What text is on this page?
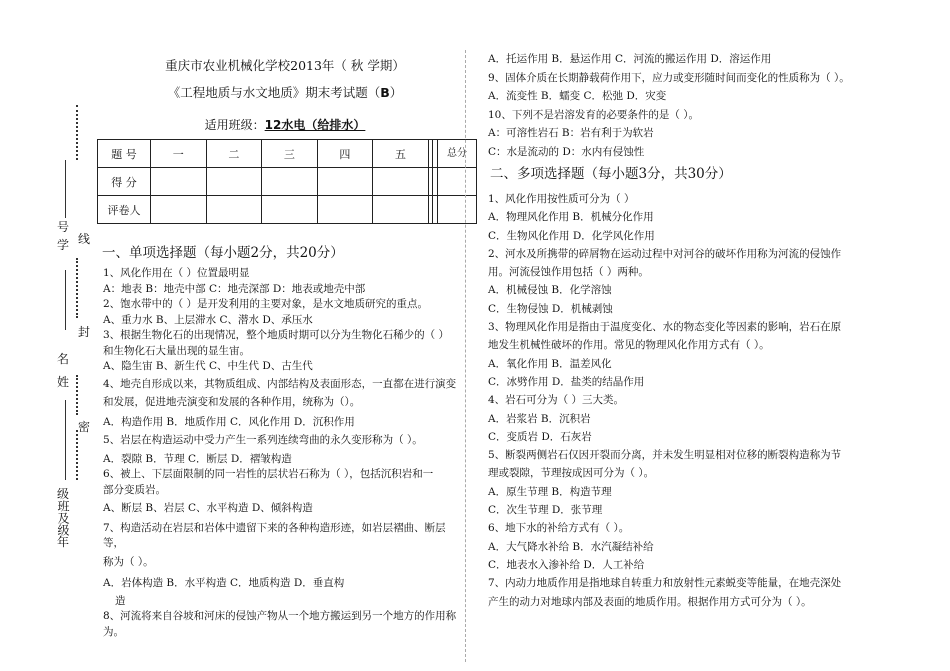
号
学 线
封
名
姓
密
级
班及级
年
重庆市农业机械化学校2013年（ 秋 学期）
《工程地质与水文地质》期末考试题（B）
适用班级：12水电（给排水）
题 号	一	二	三	四	五			总分
得 分								
评卷人								
一、单项选择题（每小题2分，共20分）
1、风化作用在（ ）位置最明显
A：地表 B：地壳中部 C：地壳深部 D：地表或地壳中部
2、饱水带中的（ ）是开发利用的主要对象，是水文地质研究的重点。
A、重力水 B、上层滞水 C、潜水 D、承压水
3、根据生物化石的出现情况，整个地质时期可以分为生物化石稀少的（ ）
和生物化石大量出现的显生宙。
A、隐生宙 B、新生代 C、中生代 D、古生代
4、地壳自形成以来，其物质组成、内部结构及表面形态，一直都在进行演变
和发展，促进地壳演变和发展的各种作用，统称为（）。
A．构造作用 B．地质作用 C．风化作用 D．沉积作用
5、岩层在构造运动中受力产生一系列连续弯曲的永久变形称为（ ）。
A．裂隙 B．节理 C．断层 D．褶皱构造
6、被上、下层面限制的同一岩性的层状岩石称为（ ），包括沉积岩和一
部分变质岩。
A、断层 B、岩层 C、水平构造 D、倾斜构造
7、构造活动在岩层和岩体中遗留下来的各种构造形迹，如岩层褶曲、断层等，
称为（ ）。
A．岩体构造 B．水平构造 C．地质构造 D．垂直构
造
8、河流将来自谷坡和河床的侵蚀产物从一个地方搬运到另一个地方的作用称
为。
A．托运作用 B．悬运作用 C．河流的搬运作用 D．溶运作用
9、固体介质在长期静载荷作用下，应力或变形随时间而变化的性质称为（ ）。
A．流变性 B．蠕变 C．松弛 D．灾变
10、下列不是岩溶发育的必要条件的是（ ）。
A：可溶性岩石 B：岩有利于为软岩
C：水是流动的 D：水内有侵蚀性
二、多项选择题（每小题3分，共30分）
1、风化作用按性质可分为（ ）
A．物理风化作用 B．机械分化作用
C．生物风化作用 D．化学风化作用
2、河水及所携带的碎屑物在运动过程中对河谷的破坏作用称为河流的侵蚀作
用。河流侵蚀作用包括（ ）两种。
A．机械侵蚀 B．化学溶蚀
C．生物侵蚀 D．机械剥蚀
3、物理风化作用是指由于温度变化、水的物态变化等因素的影响，岩石在原
地发生机械性破坏的作用。常见的物理风化作用方式有（ ）。
A．氧化作用 B．温差风化
C．冰劈作用 D．盐类的结晶作用
4、岩石可分为（ ）三大类。
A．岩浆岩 B．沉积岩
C．变质岩 D．石灰岩
5、断裂两侧岩石仅因开裂而分离，并未发生明显相对位移的断裂构造称为节
理或裂隙，节理按成因可分为（ ）。
A．原生节理 B．构造节理
C．次生节理 D．张节理
6、地下水的补给方式有（ ）。
A．大气降水补给 B．水汽凝结补给
C．地表水入渗补给 D．人工补给
7、内动力地质作用是指地球自转重力和放射性元素蜕变等能量，在地壳深处
产生的动力对地球内部及表面的地质作用。根据作用方式可分为（ ）。
